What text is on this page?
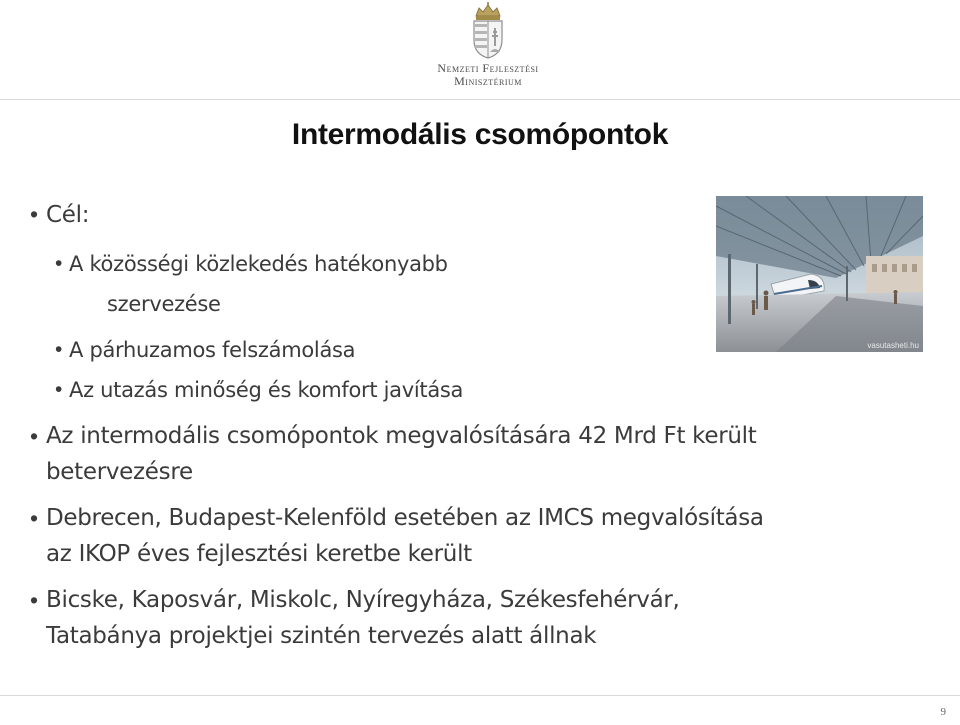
Nemzeti Fejlesztési
Minisztérium
Intermodális csomópontok
vasutasheti.hu
• Cél:
• A közösségi közlekedés hatékonyabb
szervezése
• A párhuzamos felszámolása
• Az utazás minőség és komfort javítása
• Az intermodális csomópontok megvalósítására 42 Mrd Ft került
betervezésre
• Debrecen, Budapest-Kelenföld esetében az IMCS megvalósítása
az IKOP éves fejlesztési keretbe került
• Bicske, Kaposvár, Miskolc, Nyíregyháza, Székesfehérvár,
Tatabánya projektjei szintén tervezés alatt állnak
9
